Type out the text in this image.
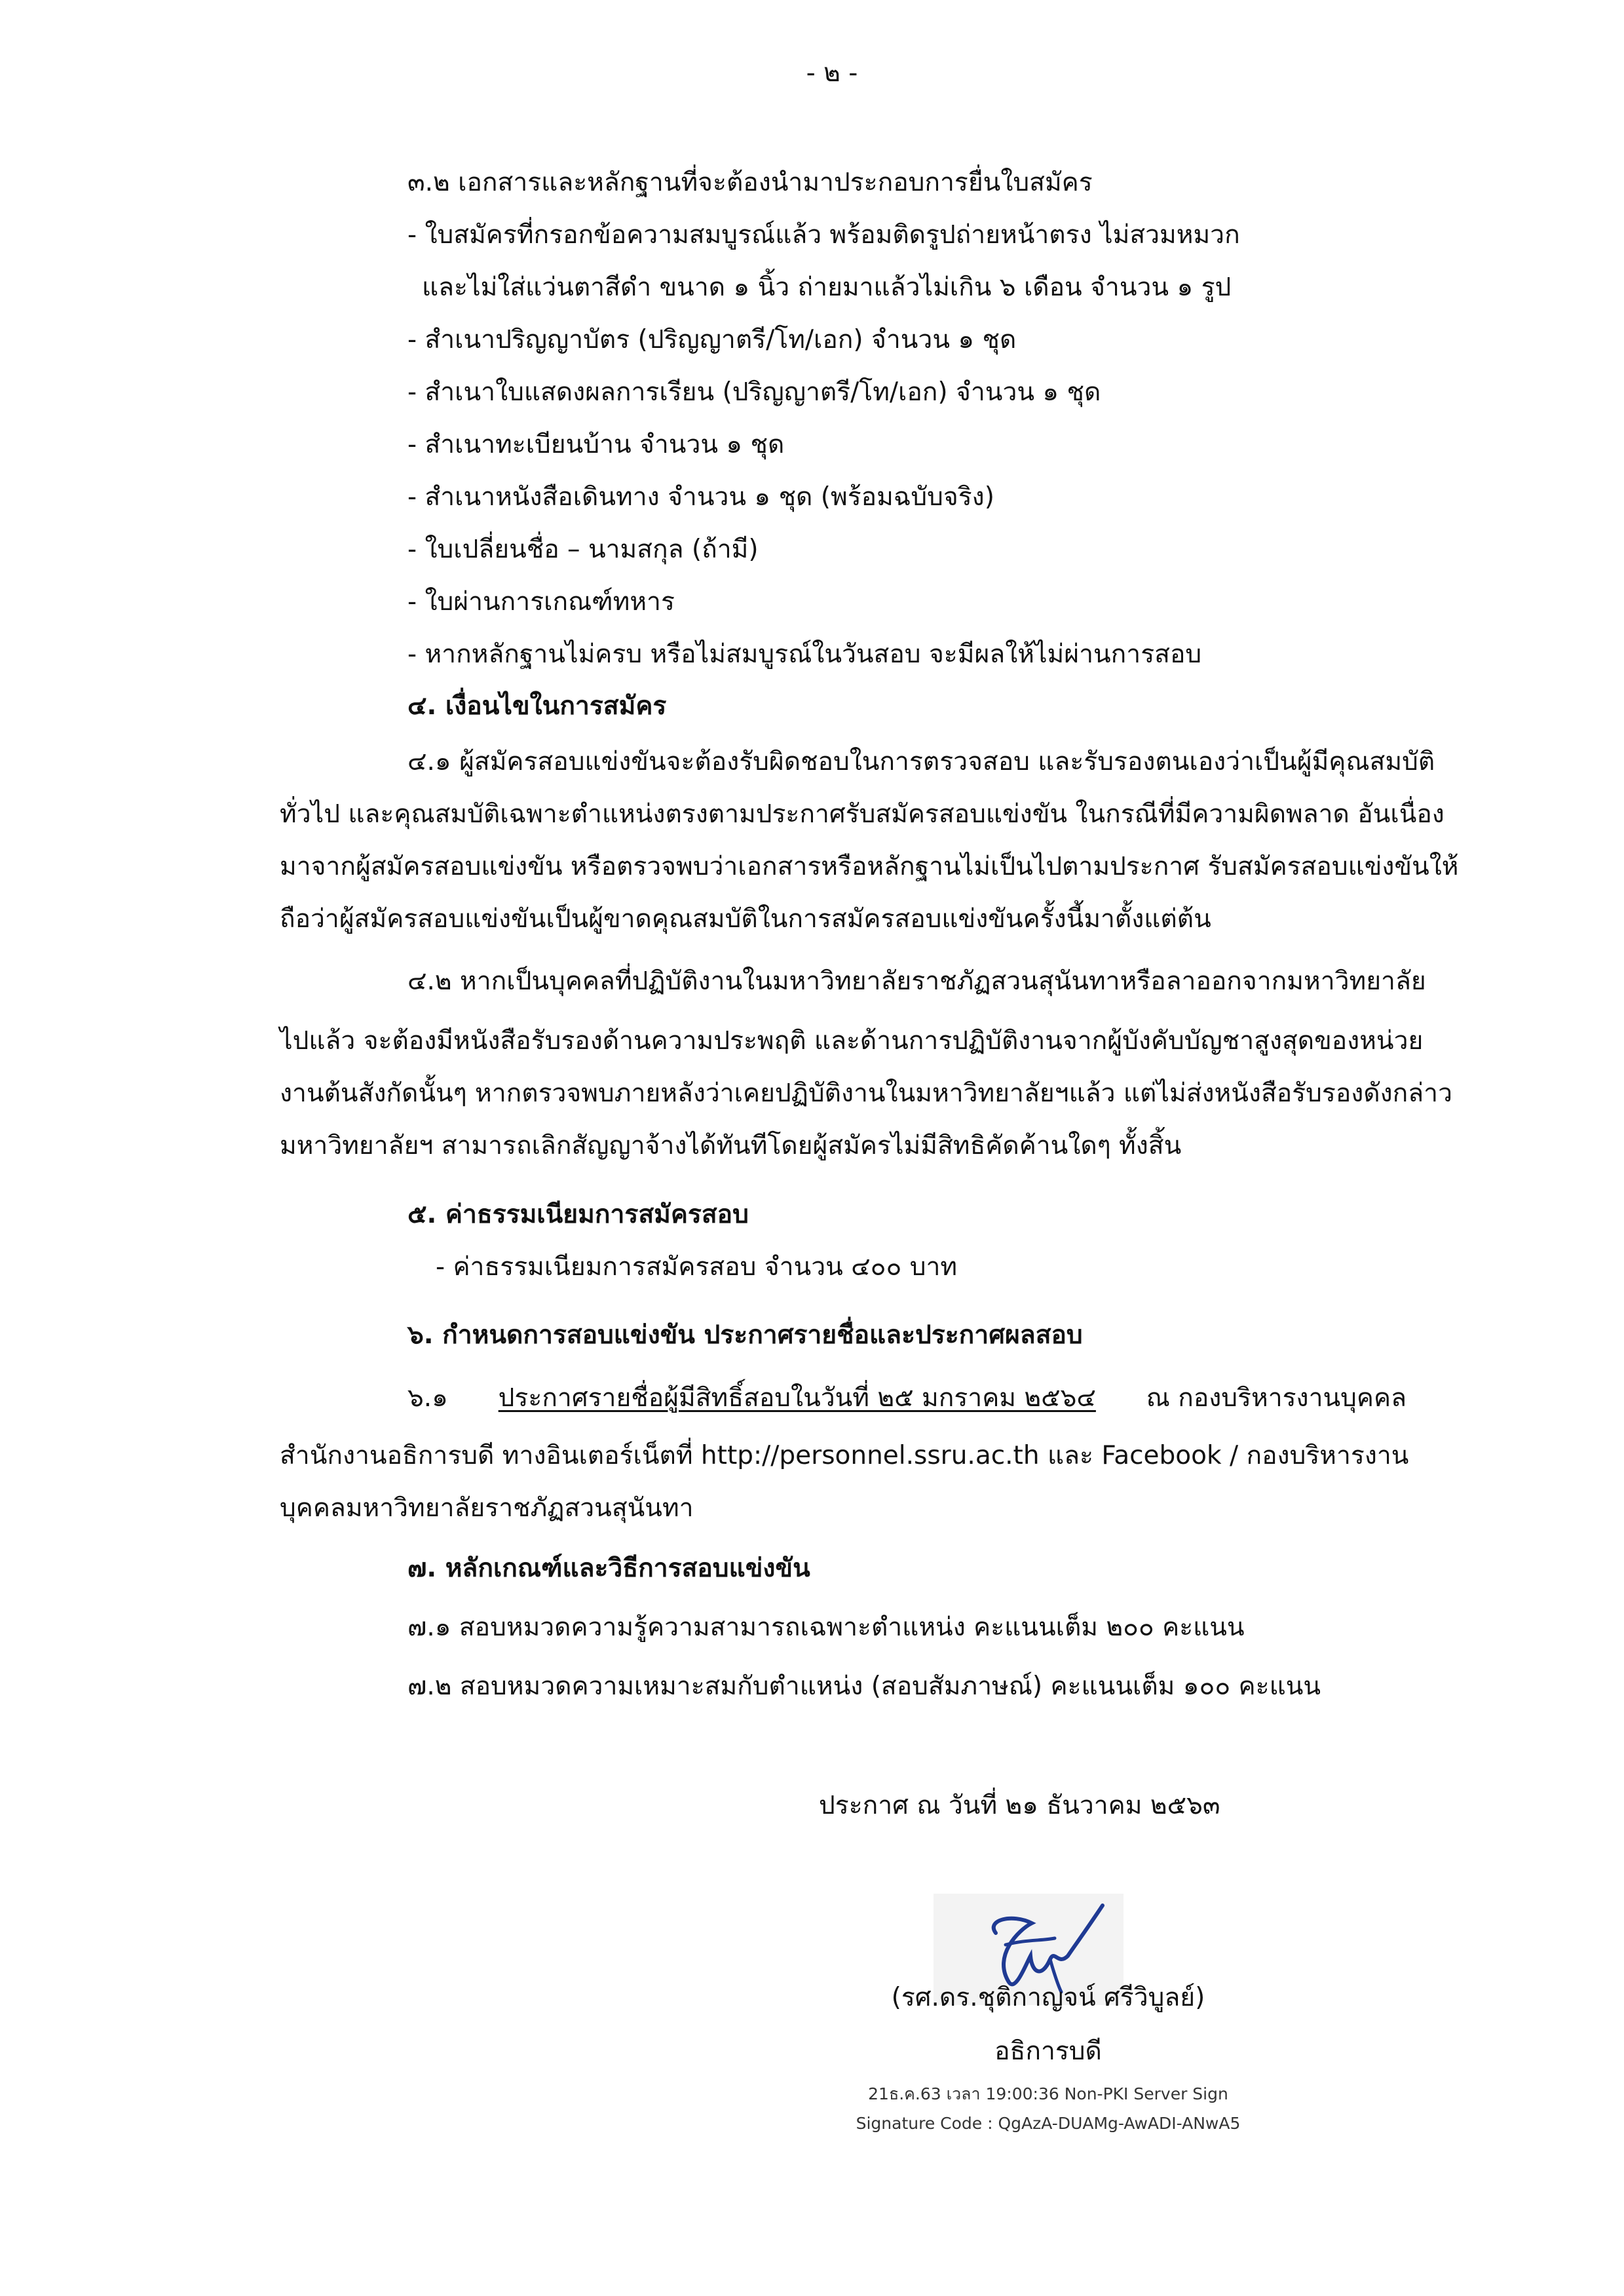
- ๒ -
๓.๒ เอกสารและหลักฐานที่จะต้องนำมาประกอบการยื่นใบสมัคร
- ใบสมัครที่กรอกข้อความสมบูรณ์แล้ว พร้อมติดรูปถ่ายหน้าตรง ไม่สวมหมวก
และไม่ใส่แว่นตาสีดำ ขนาด ๑ นิ้ว ถ่ายมาแล้วไม่เกิน ๖ เดือน จำนวน ๑ รูป
- สำเนาปริญญาบัตร (ปริญญาตรี/โท/เอก) จำนวน ๑ ชุด
- สำเนาใบแสดงผลการเรียน (ปริญญาตรี/โท/เอก) จำนวน ๑ ชุด
- สำเนาทะเบียนบ้าน จำนวน ๑ ชุด
- สำเนาหนังสือเดินทาง จำนวน ๑ ชุด (พร้อมฉบับจริง)
- ใบเปลี่ยนชื่อ – นามสกุล (ถ้ามี)
- ใบผ่านการเกณฑ์ทหาร
- หากหลักฐานไม่ครบ หรือไม่สมบูรณ์ในวันสอบ จะมีผลให้ไม่ผ่านการสอบ
๔. เงื่อนไขในการสมัคร
๔.๑ ผู้สมัครสอบแข่งขันจะต้องรับผิดชอบในการตรวจสอบ และรับรองตนเองว่าเป็นผู้มีคุณสมบัติ
ทั่วไป และคุณสมบัติเฉพาะตำแหน่งตรงตามประกาศรับสมัครสอบแข่งขัน ในกรณีที่มีความผิดพลาด อันเนื่อง
มาจากผู้สมัครสอบแข่งขัน หรือตรวจพบว่าเอกสารหรือหลักฐานไม่เป็นไปตามประกาศ รับสมัครสอบแข่งขันให้
ถือว่าผู้สมัครสอบแข่งขันเป็นผู้ขาดคุณสมบัติในการสมัครสอบแข่งขันครั้งนี้มาตั้งแต่ต้น
๔.๒ หากเป็นบุคคลที่ปฏิบัติงานในมหาวิทยาลัยราชภัฏสวนสุนันทาหรือลาออกจากมหาวิทยาลัย
ไปแล้ว จะต้องมีหนังสือรับรองด้านความประพฤติ และด้านการปฏิบัติงานจากผู้บังคับบัญชาสูงสุดของหน่วย
งานต้นสังกัดนั้นๆ หากตรวจพบภายหลังว่าเคยปฏิบัติงานในมหาวิทยาลัยฯแล้ว แต่ไม่ส่งหนังสือรับรองดังกล่าว
มหาวิทยาลัยฯ สามารถเลิกสัญญาจ้างได้ทันทีโดยผู้สมัครไม่มีสิทธิคัดค้านใดๆ ทั้งสิ้น
๕. ค่าธรรมเนียมการสมัครสอบ
- ค่าธรรมเนียมการสมัครสอบ จำนวน ๔๐๐ บาท
๖. กำหนดการสอบแข่งขัน ประกาศรายชื่อและประกาศผลสอบ
๖.๑ ประกาศรายชื่อผู้มีสิทธิ์สอบในวันที่ ๒๕ มกราคม ๒๕๖๔ ณ กองบริหารงานบุคคล
สำนักงานอธิการบดี ทางอินเตอร์เน็ตที่ http://personnel.ssru.ac.th และ Facebook / กองบริหารงาน
บุคคลมหาวิทยาลัยราชภัฏสวนสุนันทา
๗. หลักเกณฑ์และวิธีการสอบแข่งขัน
๗.๑ สอบหมวดความรู้ความสามารถเฉพาะตำแหน่ง คะแนนเต็ม ๒๐๐ คะแนน
๗.๒ สอบหมวดความเหมาะสมกับตำแหน่ง (สอบสัมภาษณ์) คะแนนเต็ม ๑๐๐ คะแนน
ประกาศ ณ วันที่ ๒๑ ธันวาคม ๒๕๖๓
(รศ.ดร.ชุติกาญจน์ ศรีวิบูลย์)
อธิการบดี
21ธ.ค.63 เวลา 19:00:36 Non-PKI Server Sign
Signature Code : QgAzA-DUAMg-AwADI-ANwA5
